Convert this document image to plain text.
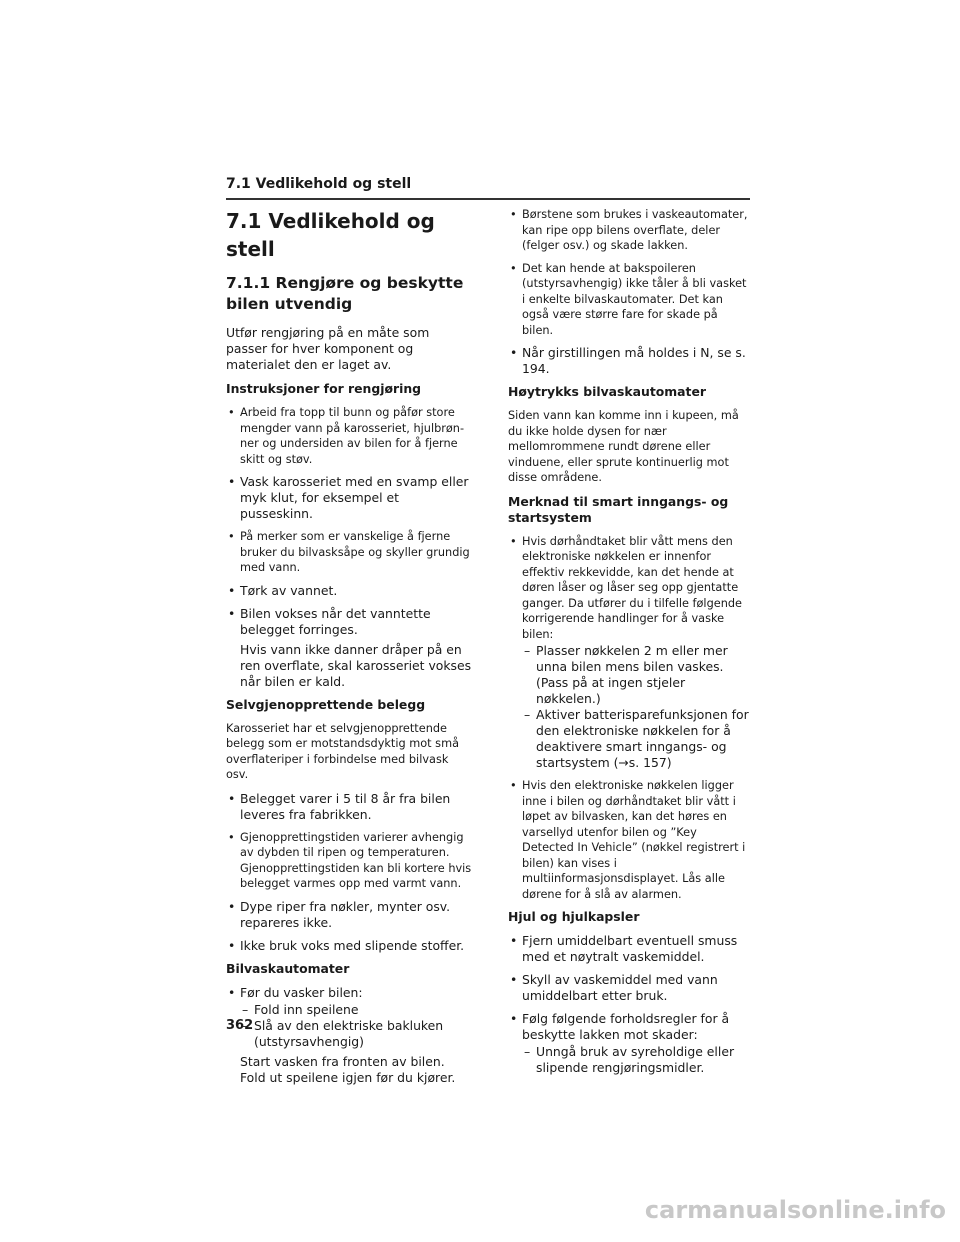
7.1 Vedlikehold og stell
7.1 Vedlikehold og stell
7.1.1 Rengjøre og beskytte bilen utvendig

Utfør rengjøring på en måte som passer for hver komponent og materialet den er laget av.

Instruksjoner for rengjøring
• Arbeid fra topp til bunn og påfør store mengder vann på karosseriet, hjulbrøn-ner og undersiden av bilen for å fjerne skitt og støv.
• Vask karosseriet med en svamp eller myk klut, for eksempel et pusseskinn.
• På merker som er vanskelige å fjerne bruker du bilvasksåpe og skyller grundig med vann.
• Tørk av vannet.
• Bilen vokses når det vanntette belegget forringes.
Hvis vann ikke danner dråper på en ren overflate, skal karosseriet vokses når bilen er kald.
Selvgjenopprettende belegg

Karosseriet har et selvgjenopprettende belegg som er motstandsdyktig mot små overflateriper i forbindelse med bilvask osv.

• Belegget varer i 5 til 8 år fra bilen leveres fra fabrikken.
• Gjenopprettingstiden varierer avhengig av dybden til ripen og temperaturen. Gjenopprettingstiden kan bli kortere hvis belegget varmes opp med varmt vann.
• Dype riper fra nøkler, mynter osv. repareres ikke.
• Ikke bruk voks med slipende stoffer.
Bilvaskautomater
• Før du vasker bilen:
– Fold inn speilene
– Slå av den elektriske bakluken (utstyrsavhengig)
Start vasken fra fronten av bilen. Fold ut speilene igjen før du kjører.
• Børstene som brukes i vaskeautomater, kan ripe opp bilens overflate, deler (felger osv.) og skade lakken.
• Det kan hende at bakspoileren (utstyrsavhengig) ikke tåler å bli vasket i enkelte bilvaskautomater. Det kan også være større fare for skade på bilen.
• Når girstillingen må holdes i N, se s. 194.
Høytrykks bilvaskautomater

Siden vann kan komme inn i kupeen, må du ikke holde dysen for nær mellomrommene rundt dørene eller vinduene, eller sprute kontinuerlig mot disse områdene.

Merknad til smart inngangs- og startsystem
• Hvis dørhåndtaket blir vått mens den elektroniske nøkkelen er innenfor effektiv rekkevidde, kan det hende at døren låser og låser seg opp gjentatte ganger. Da utfører du i tilfelle følgende korrigerende handlinger for å vaske bilen:
– Plasser nøkkelen 2 m eller mer unna bilen mens bilen vaskes. (Pass på at ingen stjeler nøkkelen.)
– Aktiver batterisparefunksjonen for den elektroniske nøkkelen for å deaktivere smart inngangs- og startsystem (→s. 157)
• Hvis den elektroniske nøkkelen ligger inne i bilen og dørhåndtaket blir vått i løpet av bilvasken, kan det høres en varsellyd utenfor bilen og ”Key Detected In Vehicle” (nøkkel registrert i bilen) kan vises i multiinformasjonsdisplayet. Lås alle dørene for å slå av alarmen.
Hjul og hjulkapsler
• Fjern umiddelbart eventuell smuss med et nøytralt vaskemiddel.
• Skyll av vaskemiddel med vann umiddelbart etter bruk.
• Følg følgende forholdsregler for å beskytte lakken mot skader:
– Unngå bruk av syreholdige eller slipende rengjøringsmidler.
362
carmanualsonline.info
